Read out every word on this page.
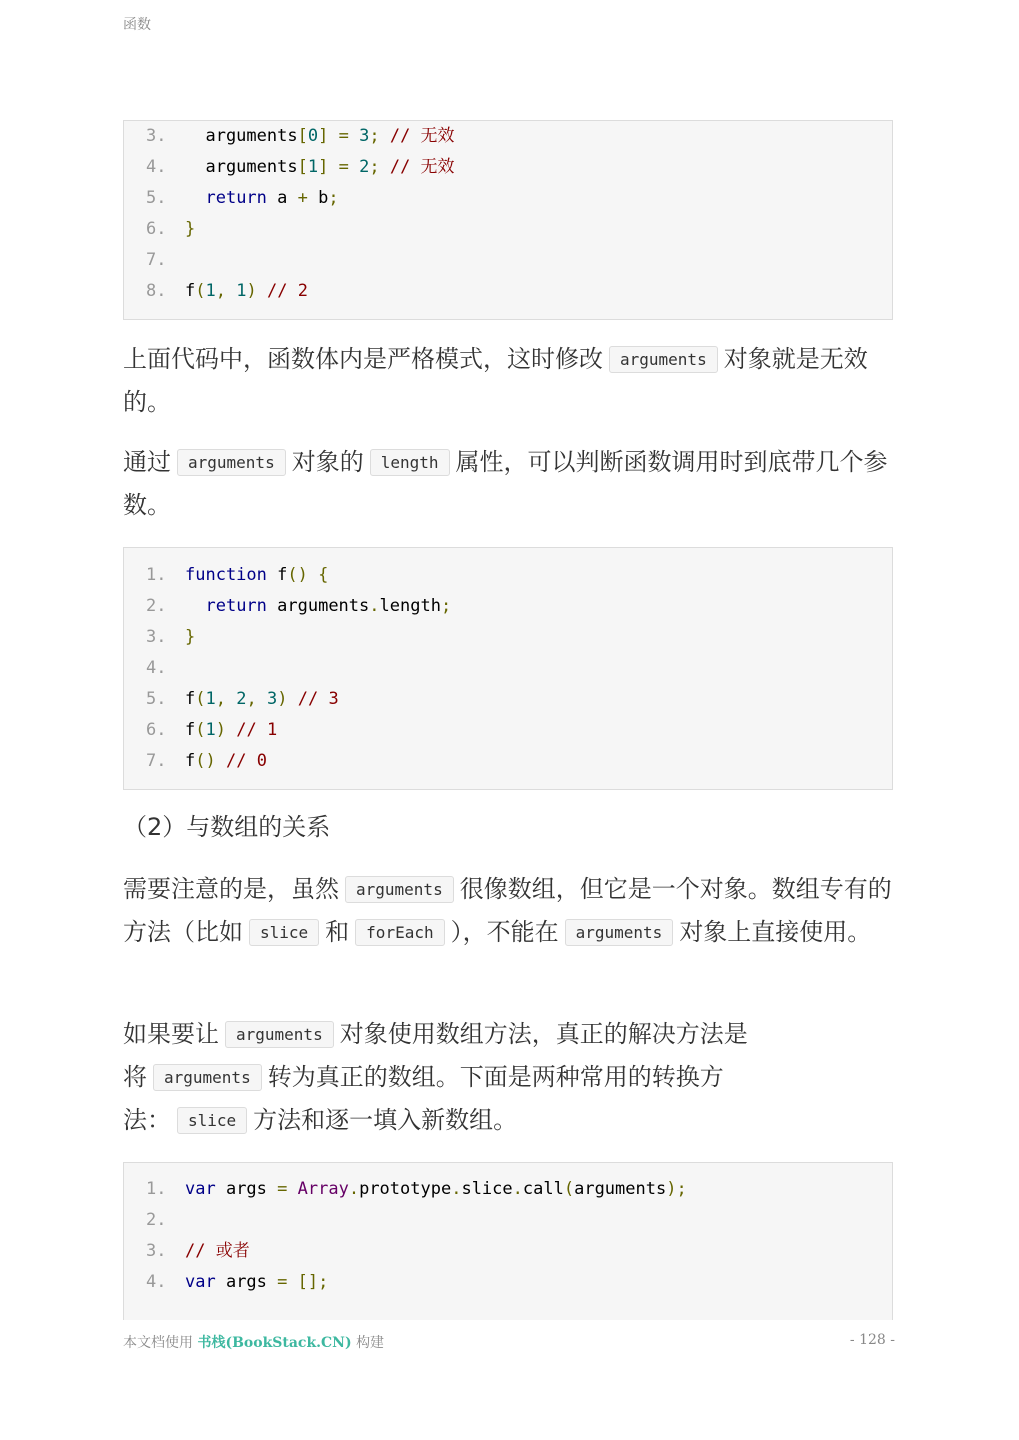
函数
3.	arguments[0] = 3; // 无效
4.	arguments[1] = 2; // 无效
5.	return a + b;
6.	}
7.
8.	f(1, 1) // 2
上面代码中，函数体内是严格模式，这时修改 arguments 对象就是无效的。
通过 arguments 对象的 length 属性，可以判断函数调用时到底带几个参数。
1.	function f() {
2.	return arguments.length;
3.	}
4.
5.	f(1, 2, 3) // 3
6.	f(1) // 1
7.	f() // 0
（2）与数组的关系
需要注意的是，虽然 arguments 很像数组，但它是一个对象。数组专有的方法（比如 slice 和 forEach ），不能在 arguments 对象上直接使用。
如果要让 arguments 对象使用数组方法，真正的解决方法是
将 arguments 转为真正的数组。下面是两种常用的转换方
法： slice 方法和逐一填入新数组。
1.	var args = Array.prototype.slice.call(arguments);
2.
3.	// 或者
4.	var args = [];
本文档使用 书栈(BookStack.CN) 构建	- 128 -
